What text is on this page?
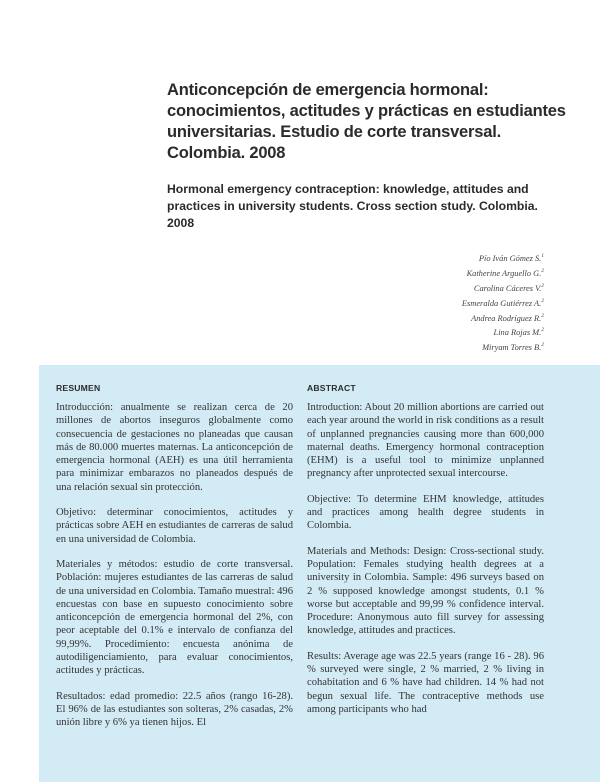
Anticoncepción de emergencia hormonal: conocimientos, actitudes y prácticas en estudiantes universitarias. Estudio de corte transversal. Colombia. 2008
Hormonal emergency contraception: knowledge, attitudes and practices in university students. Cross section study. Colombia. 2008
Pío Iván Gómez S.$^1$
Katherine Arguello G.$^2$
Carolina Cáceres V.$^2$
Esmeralda Gutiérrez A.$^2$
Andrea Rodríguez R.$^2$
Lina Rojas M.$^2$
Miryam Torres B.$^2$
RESUMEN

Introducción: anualmente se realizan cerca de 20 millones de abortos inseguros globalmente como consecuencia de gestaciones no planeadas que causan más de 80.000 muertes maternas. La anticoncepción de emergencia hormonal (AEH) es una útil herramienta para minimizar embarazos no planeados después de una relación sexual sin protección.

Objetivo: determinar conocimientos, actitudes y prácticas sobre AEH en estudiantes de carreras de salud en una universidad de Colombia.

Materiales y métodos: estudio de corte transversal. Población: mujeres estudiantes de las carreras de salud de una universidad en Colombia. Tamaño muestral: 496 encuestas con base en supuesto conocimiento sobre anticoncepción de emergencia hormonal del 2%, con peor aceptable del 0.1% e intervalo de confianza del 99,99%. Procedimiento: encuesta anónima de autodiligenciamiento, para evaluar conocimientos, actitudes y prácticas.

Resultados: edad promedio: 22.5 años (rango 16-28). El 96% de las estudiantes son solteras, 2% casadas, 2% unión libre y 6% ya tienen hijos. El

ABSTRACT

Introduction: About 20 million abortions are carried out each year around the world in risk conditions as a result of unplanned pregnancies causing more than 600,000 maternal deaths. Emergency hormonal contraception (EHM) is a useful tool to minimize unplanned pregnancy after unprotected sexual intercourse.

Objective: To determine EHM knowledge, attitudes and practices among health degree students in Colombia.

Materials and Methods: Design: Cross-sectional study. Population: Females studying health degrees at a university in Colombia. Sample: 496 surveys based on 2 % supposed knowledge amongst students, 0.1 % worse but acceptable and 99,99 % confidence interval. Procedure: Anonymous auto fill survey for assessing knowledge, attitudes and practices.

Results: Average age was 22.5 years (range 16 - 28). 96 % surveyed were single, 2 % married, 2 % living in cohabitation and 6 % have had children. 14 % had not begun sexual life. The contraceptive methods use among participants who had
